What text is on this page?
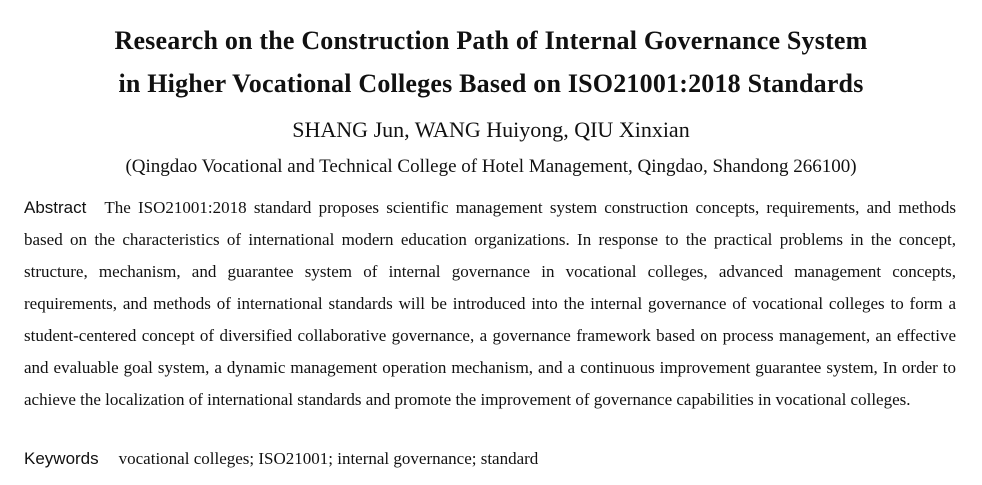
Research on the Construction Path of Internal Governance System
in Higher Vocational Colleges Based on ISO21001:2018 Standards
SHANG Jun, WANG Huiyong, QIU Xinxian
(Qingdao Vocational and Technical College of Hotel Management, Qingdao, Shandong 266100)
Abstract The ISO21001:2018 standard proposes scientific management system construction concepts, requirements, and methods based on the characteristics of international modern education organizations. In response to the practical problems in the concept, structure, mechanism, and guarantee system of internal governance in vocational colleges, advanced management concepts, requirements, and methods of international standards will be introduced into the internal governance of vocational colleges to form a student-centered concept of diversified collaborative governance, a governance framework based on process management, an effective and evaluable goal system, a dynamic management operation mechanism, and a continuous improvement guarantee system, In order to achieve the localization of international standards and promote the improvement of governance capabilities in vocational colleges.
Keywords vocational colleges; ISO21001; internal governance; standard
